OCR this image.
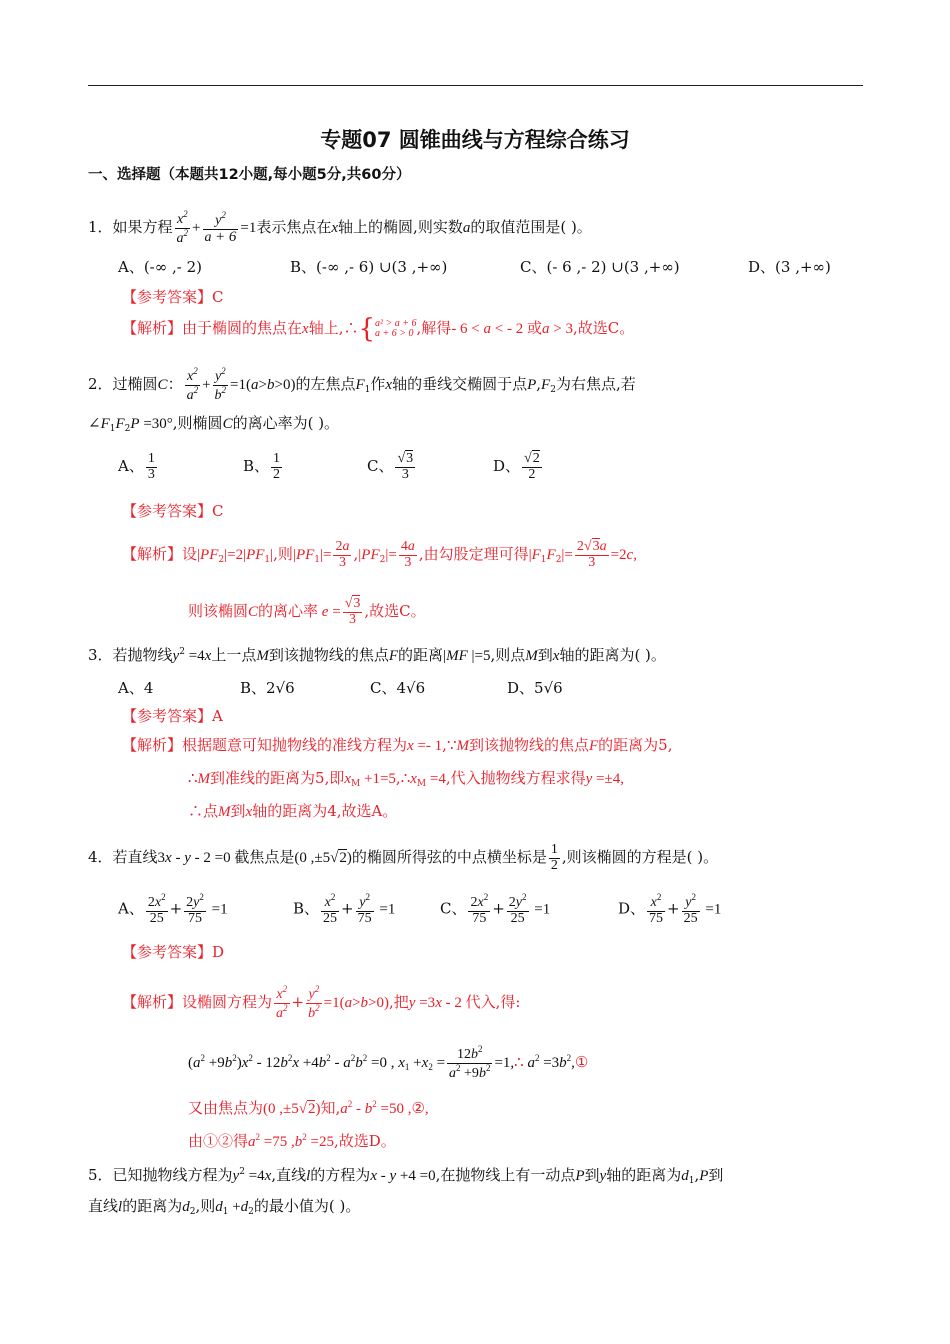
专题07 圆锥曲线与方程综合练习
一、选择题（本题共12小题,每小题5分,共60分）
1．如果方程 $\frac{x^2}{a^2} + \frac{y^2}{a + 6} =1$表示焦点在x轴上的椭圆,则实数a的取值范围是( )。
A、(-∞ ,- 2)	B、(-∞ ,- 6) ∪(3 ,+∞)	C、(- 6 ,- 2) ∪(3 ,+∞)	D、(3 ,+∞)
【参考答案】C
【解析】由于椭圆的焦点在x轴上,∴{a² > a + 6
a + 6 > 0 ,解得- 6 < a < - 2 或a > 3,故选C。
2．过椭圆C： $\frac{x^2}{a^2} + \frac{y^2}{b^2} =1(a>b>0)$的左焦点$F_1$作x轴的垂线交椭圆于点$P,F_2$为右焦点,若
$\angle F_1F_2P =30^\circ$,则椭圆C的离心率为( )。
A、 $\frac{1}{3}$	B、 $\frac{1}{2}$	C、 $\frac{√3}{3}$	D、 $\frac{√2}{2}$
【参考答案】C
【解析】设$|PF_2|=2|PF_1|$,则$|PF_1|= \frac{2a}{3} ,|PF_2|= \frac{4a}{3}$ ,由勾股定理可得$|F_1F_2|= \frac{2√3a}{3} =2c$,
则该椭圆C的离心率 $e = \frac{√3}{3}$ ,故选C。
3．若抛物线$y^2 =4x$上一点M到该抛物线的焦点F的距离|MF |=5,则点M到x轴的距离为( )。
A、4	B、2√6	C、4√6	D、5√6
【参考答案】A
【解析】根据题意可知抛物线的准线方程为x =- 1,∵M到该抛物线的焦点F的距离为5,
∴M到准线的距离为5,即$x_M$ $+1=5,\therefore x_M =4$,代入抛物线方程求得y =±4,
∴点M到x轴的距离为4,故选A。
4．若直线3x - y - 2 =0 截焦点是(0 ,±5√2)的椭圆所得弦的中点横坐标是 $\frac{1}{2}$ ,则该椭圆的方程是( )。
A、 $\frac{2x^2}{25} + \frac{2y^2}{75} =1$	B、 $\frac{x^2}{25} + \frac{y^2}{75} =1$	C、 $\frac{2x^2}{75} + \frac{2y^2}{25} =1$	D、 $\frac{x^2}{75} + \frac{y^2}{25} =1$
【参考答案】D
【解析】设椭圆方程为 $\frac{x^2}{a^2} + \frac{y^2}{b^2} =1(a>b>0)$,把y =3x - 2 代入,得:
$(a^2 +9b^2)x^2 - 12b^2x +4b^2 - a^2b^2 =0$ , $x_1 +x_2 = \frac{12b^2}{a^2 +9b^2}$ =1,∴ $a^2$ $=3b^2,①$
又由焦点为(0 ,±5√2)知$,a^2 - b^2 =50$ ,②,
由①②得$a^2 =75$ $,b^2 =25$,故选D。
5．已知抛物线方程为$y^2 =4x$,直线l的方程为x - y +4 =0,在抛物线上有一动点P到y轴的距离为$d_1,P$到
直线l的距离为$d_2$,则$d_1 +d_2$的最小值为( )。
